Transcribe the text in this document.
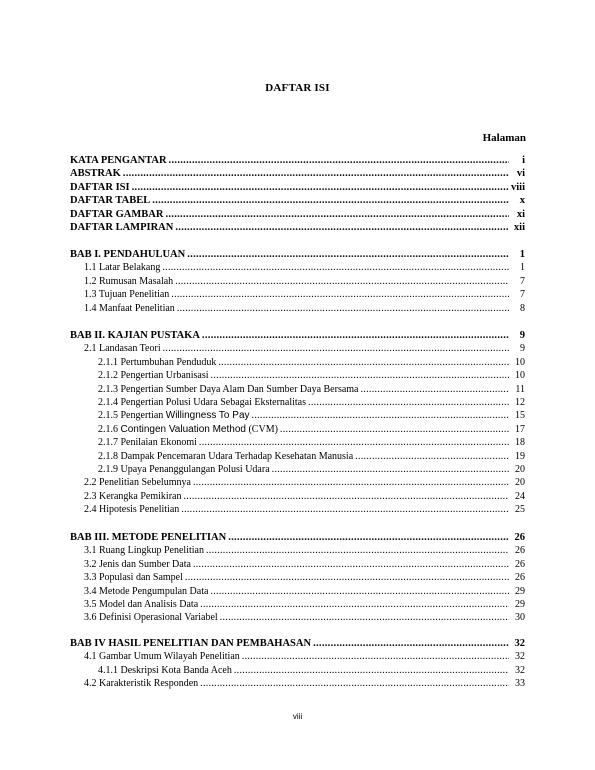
DAFTAR ISI
Halaman
KATA PENGANTAR .....	i
ABSTRAK .....	vi
DAFTAR ISI .....	viii
DAFTAR TABEL .....	x
DAFTAR GAMBAR .....	xi
DAFTAR LAMPIRAN .....	xii
BAB I. PENDAHULUAN .....	1
1.1 Latar Belakang .....	1
1.2 Rumusan Masalah .....	7
1.3 Tujuan Penelitian .....	7
1.4 Manfaat Penelitian .....	8
BAB II. KAJIAN PUSTAKA .....	9
2.1 Landasan Teori .....	9
2.1.1 Pertumbuhan Penduduk .....	10
2.1.2 Pengertian Urbanisasi .....	10
2.1.3 Pengertian Sumber Daya Alam Dan Sumber Daya Bersama .....	11
2.1.4 Pengertian Polusi Udara Sebagai Eksternalitas .....	12
2.1.5 Pengertian Willingness To Pay .....	15
2.1.6 Contingen Valuation Method (CVM) .....	17
2.1.7 Penilaian Ekonomi .....	18
2.1.8 Dampak Pencemaran Udara Terhadap Kesehatan Manusia .....	19
2.1.9 Upaya Penanggulangan Polusi Udara .....	20
2.2 Penelitian Sebelumnya .....	20
2.3 Kerangka Pemikiran .....	24
2.4 Hipotesis Penelitian .....	25
BAB III. METODE PENELITIAN .....	26
3.1 Ruang Lingkup Penelitian .....	26
3.2 Jenis dan Sumber Data .....	26
3.3 Populasi dan Sampel .....	26
3.4 Metode Pengumpulan Data .....	29
3.5 Model dan Analisis Data .....	29
3.6 Definisi Operasional Variabel .....	30
BAB IV HASIL PENELITIAN DAN PEMBAHASAN .....	32
4.1 Gambar Umum Wilayah Penelitian .....	32
4.1.1 Deskripsi Kota Banda Aceh .....	32
4.2 Karakteristik Responden .....	33
viii
